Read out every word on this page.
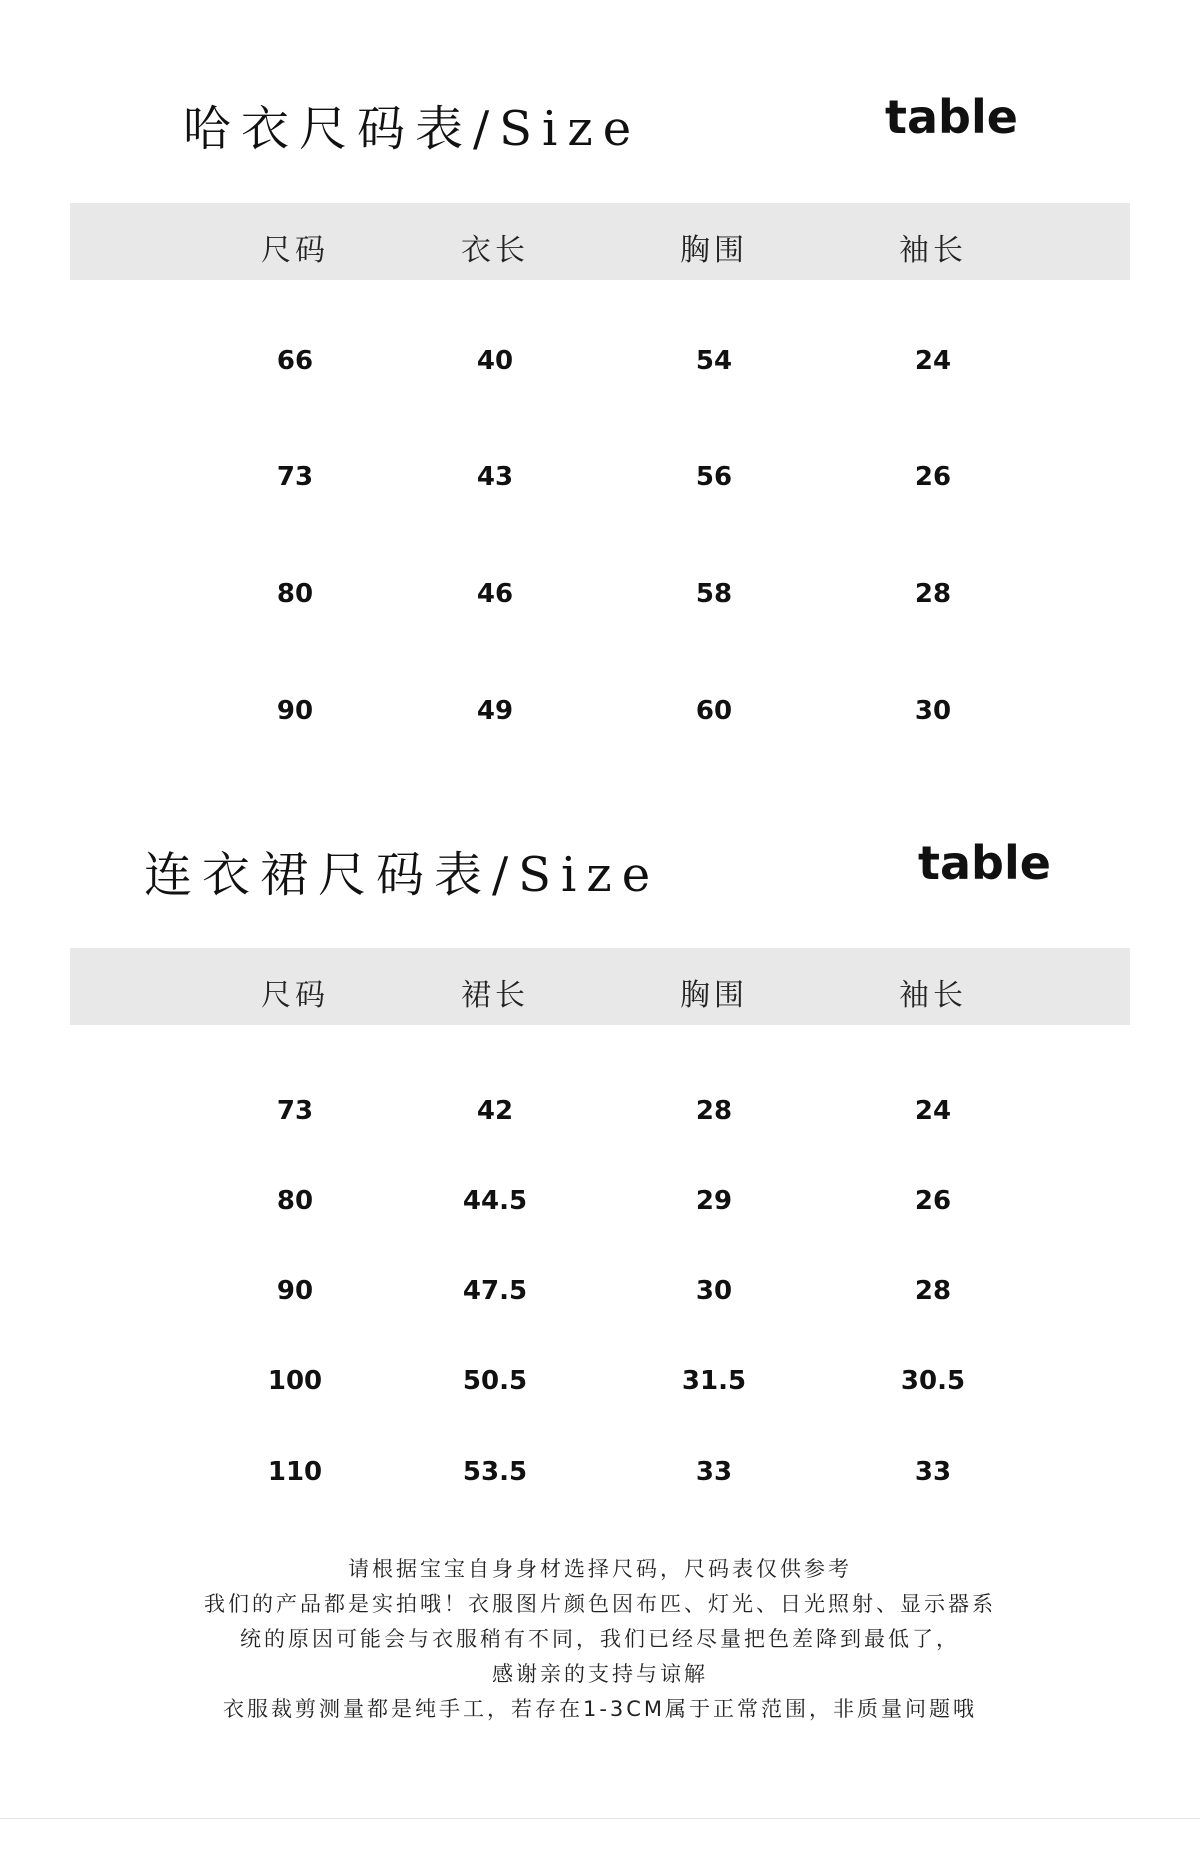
哈衣尺码表/Size	table
尺码	衣长	胸围	袖长
66	40	54	24
73	43	56	26
80	46	58	28
90	49	60	30
连衣裙尺码表/Size	table
尺码	裙长	胸围	袖长
73	42	28	24
80	44.5	29	26
90	47.5	30	28
100	50.5	31.5	30.5
110	53.5	33	33
请根据宝宝自身身材选择尺码，尺码表仅供参考
我们的产品都是实拍哦！衣服图片颜色因布匹、灯光、日光照射、显示器系
统的原因可能会与衣服稍有不同，我们已经尽量把色差降到最低了，
感谢亲的支持与谅解
衣服裁剪测量都是纯手工，若存在1-3CM属于正常范围，非质量问题哦
